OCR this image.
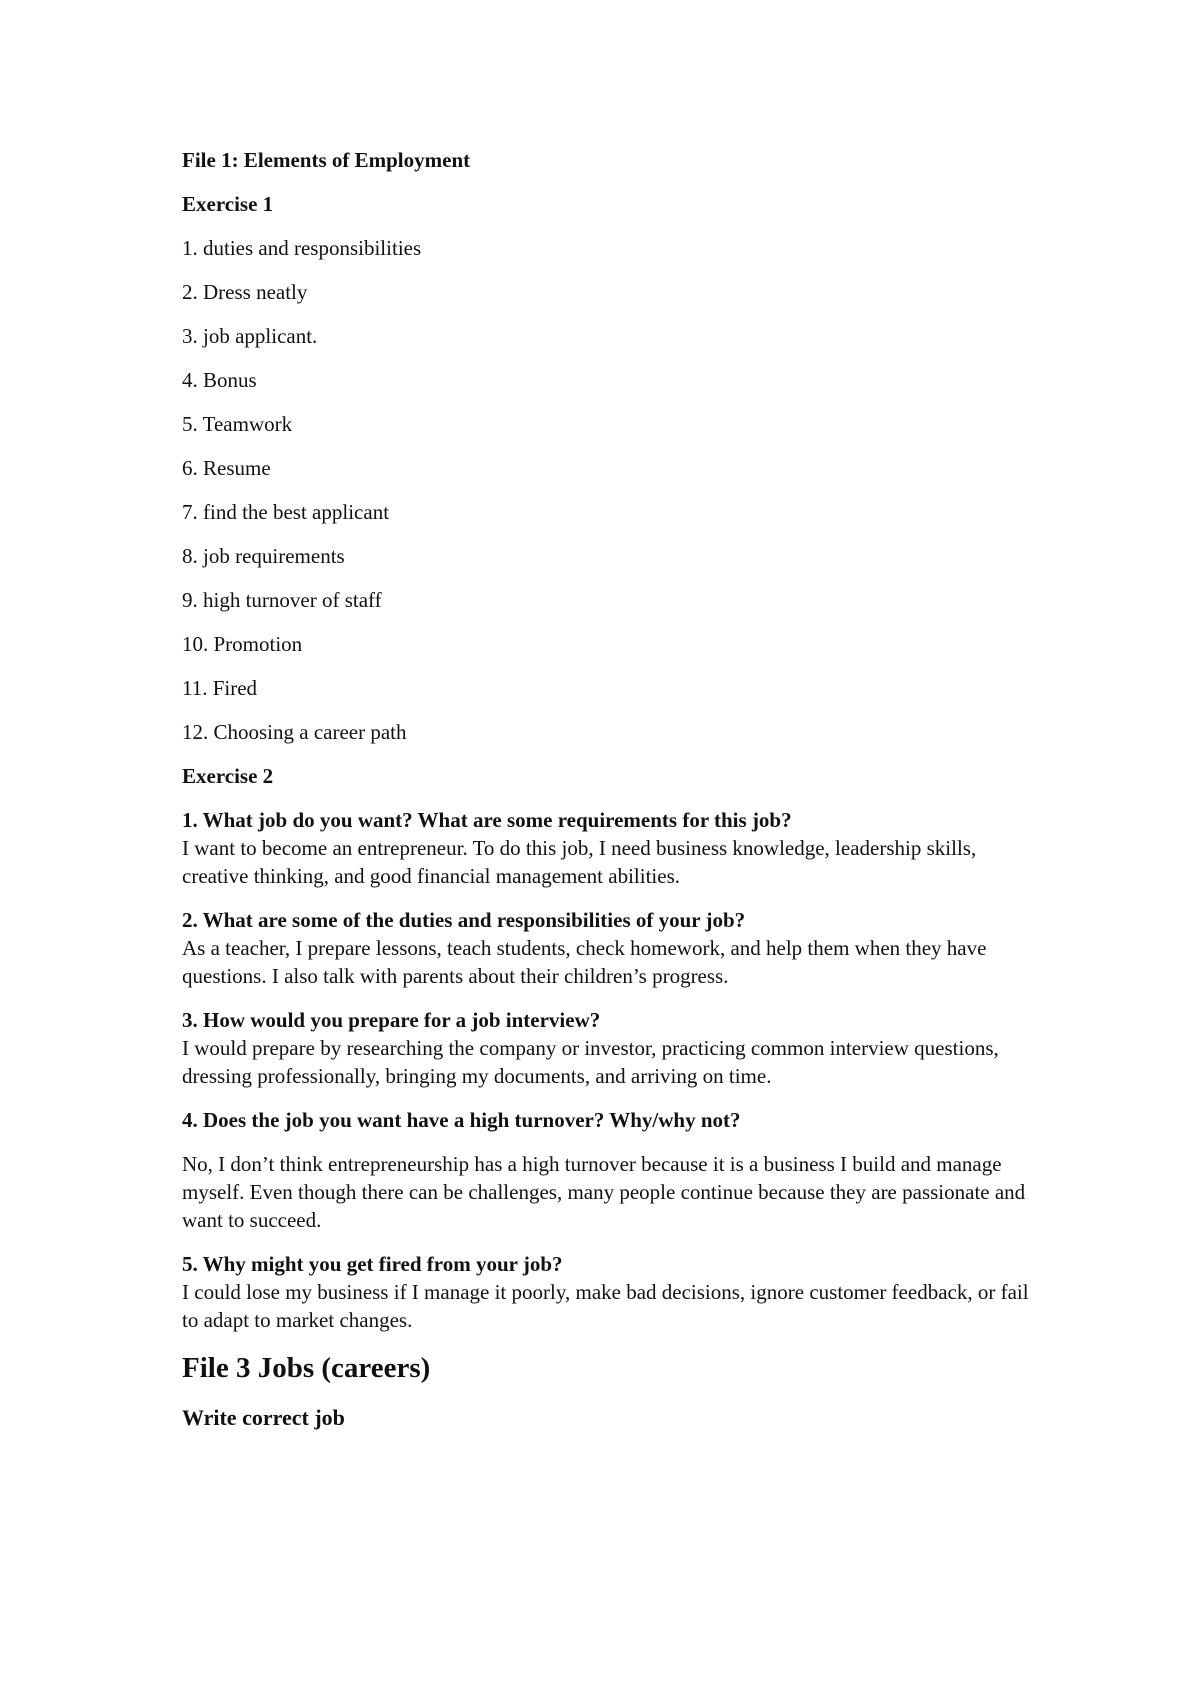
File 1: Elements of Employment

Exercise 1

1. duties and responsibilities

2. Dress neatly

3. job applicant.

4. Bonus

5. Teamwork

6. Resume

7. find the best applicant

8. job requirements

9. high turnover of staff

10. Promotion

11. Fired

12. Choosing a career path

Exercise 2

1. What job do you want? What are some requirements for this job?

I want to become an entrepreneur. To do this job, I need business knowledge, leadership skills, creative thinking, and good financial management abilities.

2. What are some of the duties and responsibilities of your job?

As a teacher, I prepare lessons, teach students, check homework, and help them when they have questions. I also talk with parents about their children’s progress.

3. How would you prepare for a job interview?

I would prepare by researching the company or investor, practicing common interview questions, dressing professionally, bringing my documents, and arriving on time.

4. Does the job you want have a high turnover? Why/why not?

No, I don’t think entrepreneurship has a high turnover because it is a business I build and manage myself. Even though there can be challenges, many people continue because they are passionate and want to succeed.

5. Why might you get fired from your job?

I could lose my business if I manage it poorly, make bad decisions, ignore customer feedback, or fail to adapt to market changes.

File 3 Jobs (careers)

Write correct job
